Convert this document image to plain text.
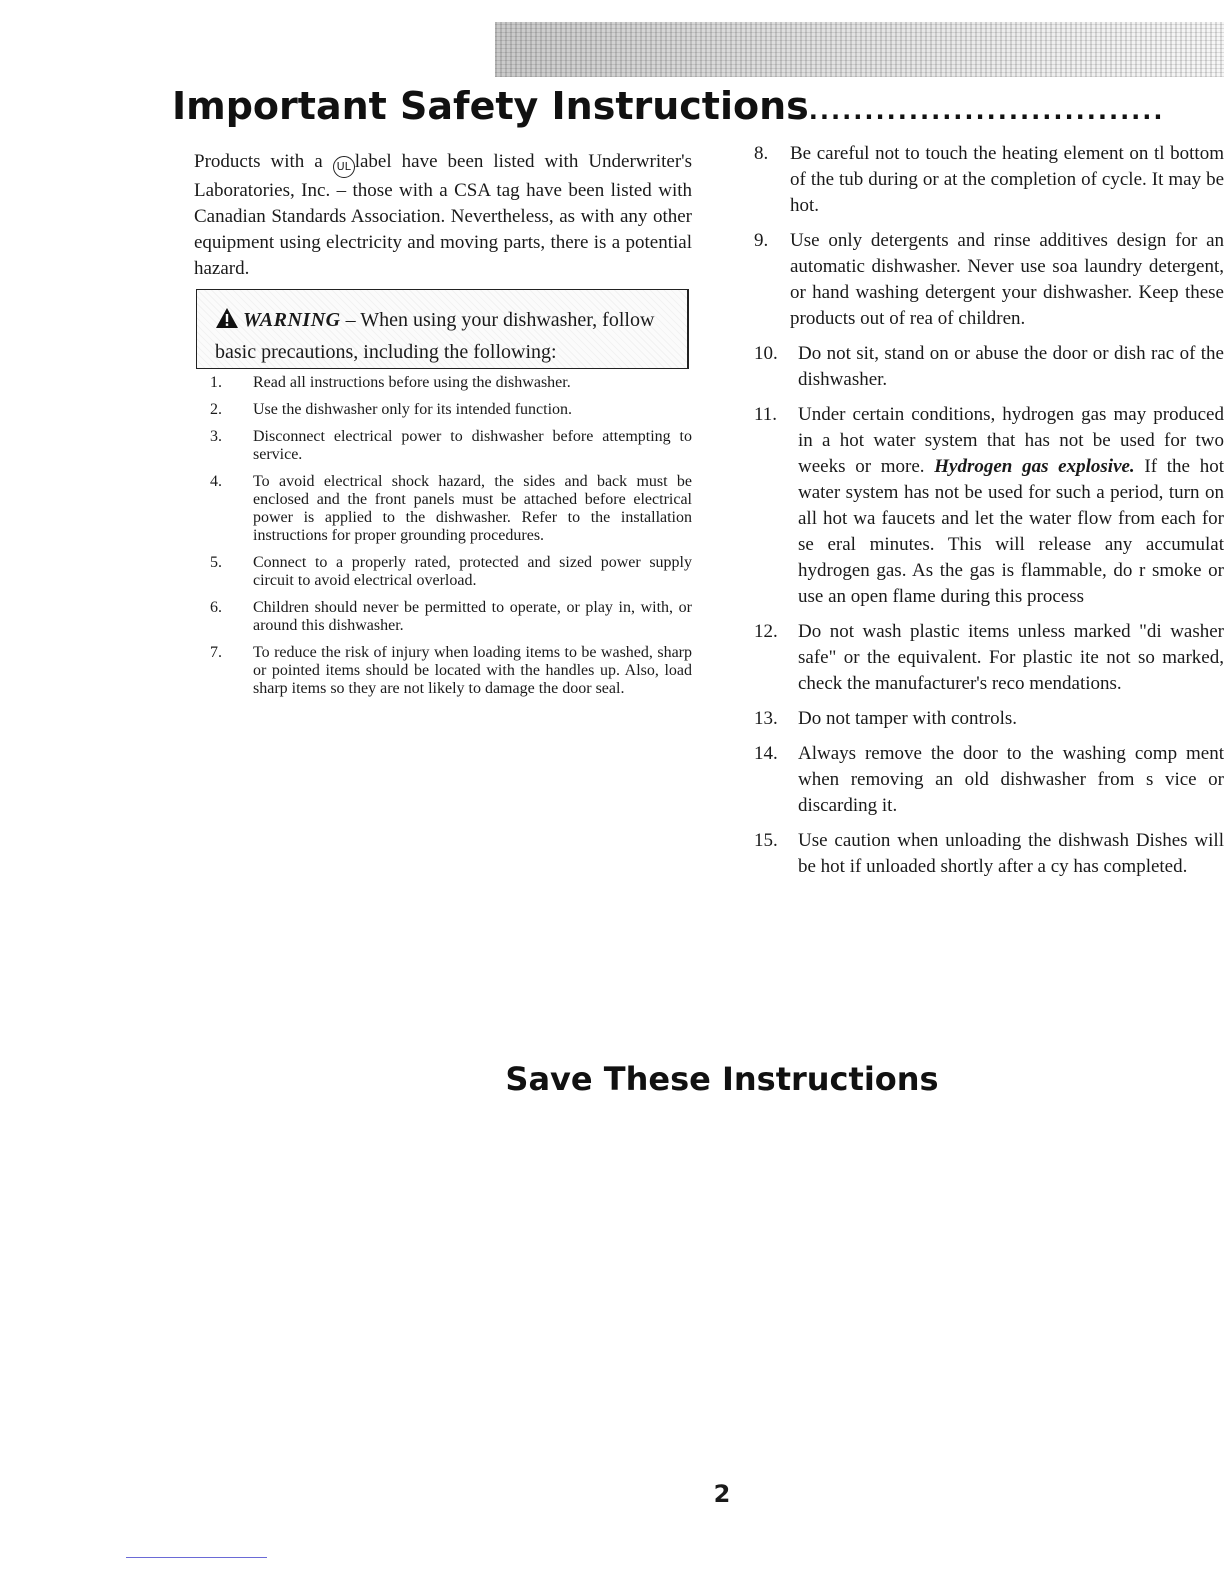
Important Safety Instructions................................

Products with a UL label have been listed with Underwriter's Laboratories, Inc. – those with a CSA tag have been listed with Canadian Standards Association. Nevertheless, as with any other equipment using electricity and moving parts, there is a potential hazard.

WARNING – When using your dishwasher, follow basic precautions, including the following:
1.	Read all instructions before using the dishwasher.
2.	Use the dishwasher only for its intended function.
3.	Disconnect electrical power to dishwasher before attempting to service.
4.	To avoid electrical shock hazard, the sides and back must be enclosed and the front panels must be attached before electrical power is applied to the dishwasher. Refer to the installation instructions for proper grounding procedures.
5.	Connect to a properly rated, protected and sized power supply circuit to avoid electrical overload.
6.	Children should never be permitted to operate, or play in, with, or around this dishwasher.
7.	To reduce the risk of injury when loading items to be washed, sharp or pointed items should be located with the handles up. Also, load sharp items so they are not likely to damage the door seal.
8.	Be careful not to touch the heating element on tl bottom of the tub during or at the completion of cycle. It may be hot.
9.	Use only detergents and rinse additives design for an automatic dishwasher. Never use soa laundry detergent, or hand washing detergent your dishwasher. Keep these products out of rea of children.
10.	Do not sit, stand on or abuse the door or dish rac of the dishwasher.
11.	Under certain conditions, hydrogen gas may produced in a hot water system that has not be used for two weeks or more. Hydrogen gas explosive. If the hot water system has not be used for such a period, turn on all hot wa faucets and let the water flow from each for se eral minutes. This will release any accumulat hydrogen gas. As the gas is flammable, do r smoke or use an open flame during this process
12.	Do not wash plastic items unless marked "di washer safe" or the equivalent. For plastic ite not so marked, check the manufacturer's reco mendations.
13.	Do not tamper with controls.
14.	Always remove the door to the washing comp ment when removing an old dishwasher from s vice or discarding it.
15.	Use caution when unloading the dishwash Dishes will be hot if unloaded shortly after a cy has completed.
Save These Instructions
2
